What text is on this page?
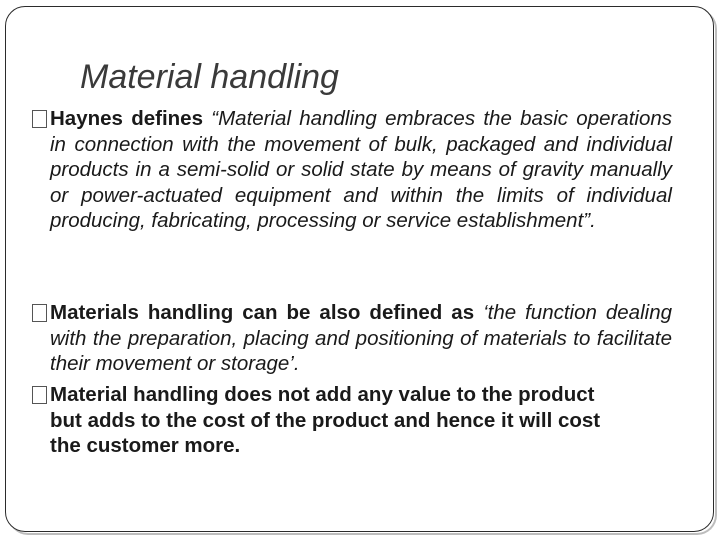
Material handling
Haynes defines “Material handling embraces the basic operations in connection with the movement of bulk, packaged and individual products in a semi-solid or solid state by means of gravity manually or power-actuated equipment and within the limits of individual producing, fabricating, processing or service establishment”.
Materials handling can be also defined as ‘the function dealing with the preparation, placing and positioning of materials to facilitate their movement or storage’.
Material handling does not add any value to the product but adds to the cost of the product and hence it will cost the customer more.
